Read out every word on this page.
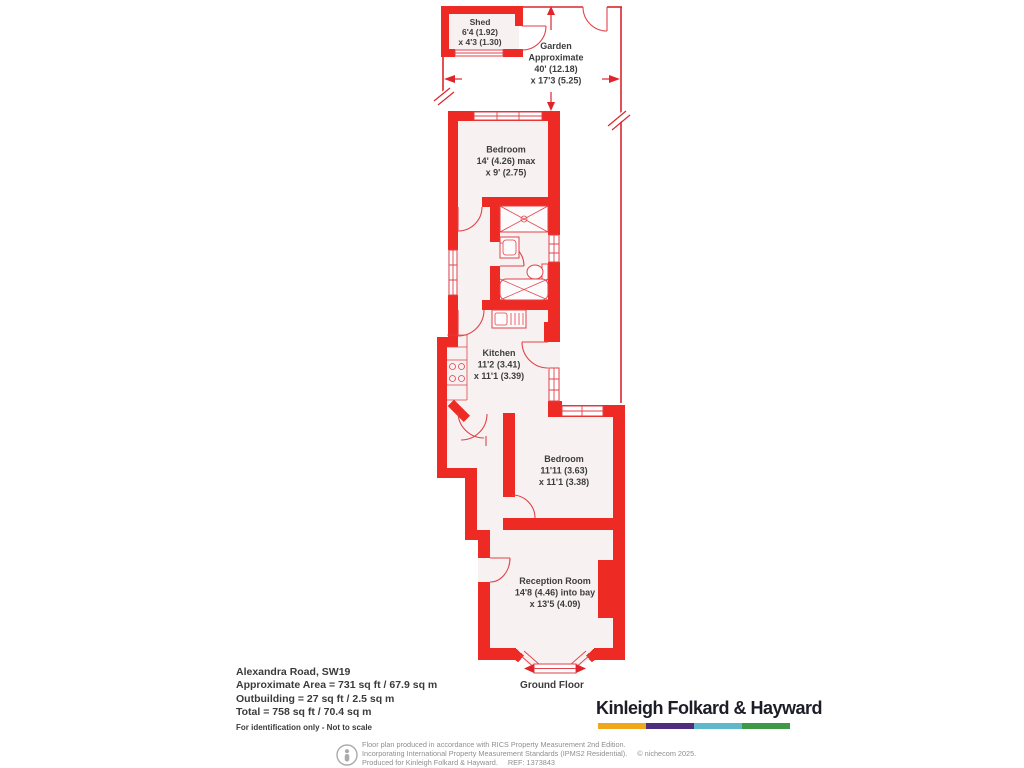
Shed
6'4 (1.92)
x 4'3 (1.30)	Garden
Approximate
40' (12.18)
x 17'3 (5.25)
Bedroom
14' (4.26) max
x 9' (2.75)
Kitchen
11'2 (3.41)
x 11'1 (3.39)
Bedroom
11'11 (3.63)
x 11'1 (3.38)
Reception Room
14'8 (4.46) into bay
x 13'5 (4.09)
Ground Floor
Alexandra Road, SW19
Approximate Area = 731 sq ft / 67.9 sq m
Outbuilding = 27 sq ft / 2.5 sq m
Total = 758 sq ft / 70.4 sq m
For identification only - Not to scale
Kinleigh Folkard & Hayward
Floor plan produced in accordance with RICS Property Measurement 2nd Edition.
Incorporating International Property Measurement Standards (IPMS2 Residential). © nichecom 2025.
Produced for Kinleigh Folkard & Hayward. REF: 1373843
